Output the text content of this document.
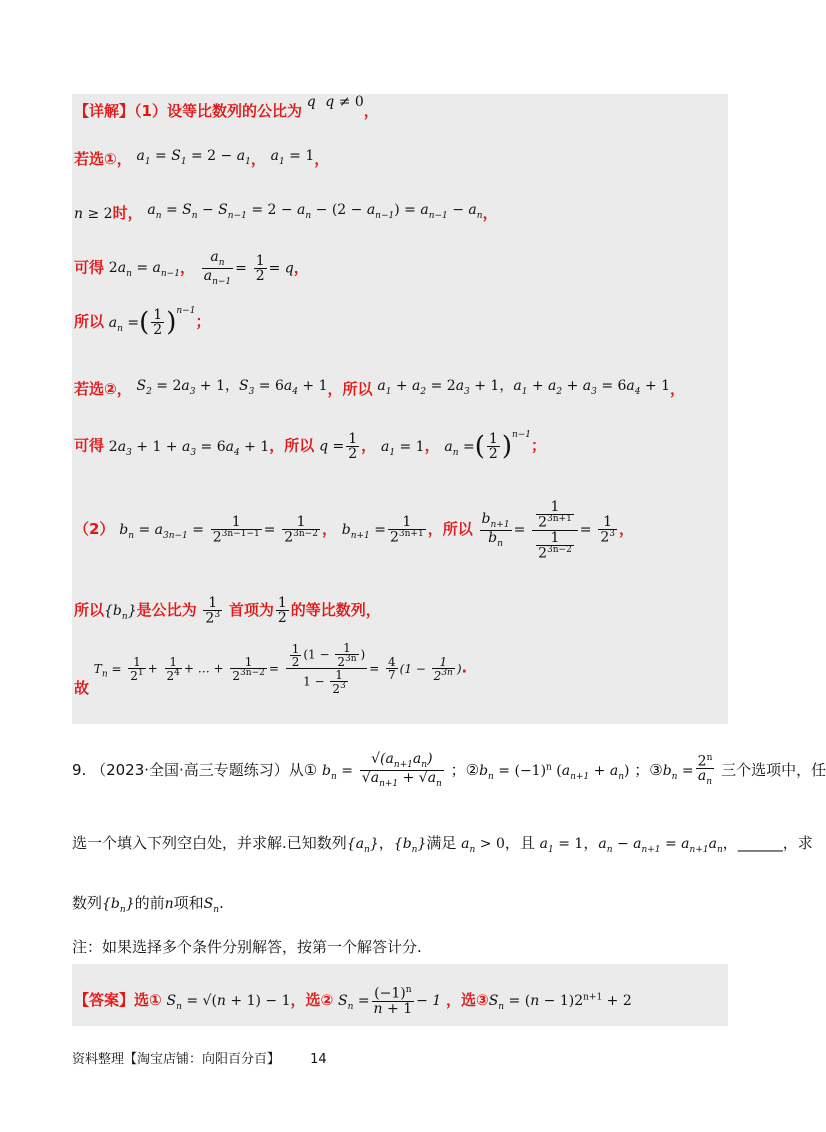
【详解】（1）设等比数列的公比为 q q ≠ 0，
若选①， $a_1 = S_1 = 2 - a_1$， $a_1 = 1$，
n ≥ 2时， $a_n = S_n - S_{n-1} = 2 - a_n - (2 - a_{n-1}) = a_{n-1} - a_n$，
可得 $2a_n = a_{n-1}$， $\frac{a_n}{a_{n-1}} = \frac{1}{2} = q$，
所以 $a_n$ =( $\frac{1}{2} )^{n-1}$；
若选②， $S_2 = 2a_3 + 1$，$S_3 = 6a_4 + 1$，所以 $a_1 + a_2 = 2a_3 + 1$，$a_1 + a_2 + a_3 = 6a_4 + 1$，
可得 $2a_3 + 1 + a_3 = 6a_4 + 1$，所以 $q = \frac{1}{2}$ ， $a_1 = 1$， $a_n$ =( $\frac{1}{2} )^{n-1}$；
（2） $b_n = a_{3n-1} = \frac{1}{2^{3n-1-1}} = \frac{1}{2^{3n-2}}$ ， $b_{n+1} = \frac{1}{2^{3n+1}}$ ，所以 $\frac{b_{n+1}}{b_n} = \frac{\frac{1}{2^{3n+1}}}{\frac{1}{2^{3n-2}}} = \frac{1}{2^3}$ ，
所以$\{b_n\}$是公比为 $\frac{1}{2^3}$ 首项为 $\frac{1}{2}$ 的等比数列，
故 $T_n = \frac{1}{2^1} + \frac{1}{2^4}$ + … + $\frac{1}{2^{3n-2}} = \frac{\frac{1}{2} (1 - \frac{1}{2^{3n}} )}{1 - \frac{1}{2^3}} = \frac{4}{7} (1 - \frac{1}{2^{3n}}$ ).
9. （2023·全国·高三专题练习）从① $b_n = \frac{√(a_{n+1}a_n)}{√a_{n+1} + √a_n}$ ；$②b_n = (-1)^n$ $(a_{n+1} + a_n)$ ；$③b_n = \frac{2^n}{a_n}$ 三个选项中，任
选一个填入下列空白处，并求解.已知数列$\{a_n\}$，$\{b_n\}$满足 $a_n > 0$，且 $a_1 = 1$，$a_n - a_{n+1} = a_{n+1}a_n$，______，求
数列$\{b_n\}$的前n项和$S_n$.
注：如果选择多个条件分别解答，按第一个解答计分.
【答案】选① $S_n = √(n + 1) - 1$，选② $S_n = \frac{(-1)^n}{n + 1} - 1$ ，选$③S_n = (n - 1)2^{n+1} + 2$
资料整理【淘宝店铺：向阳百分百】 14
